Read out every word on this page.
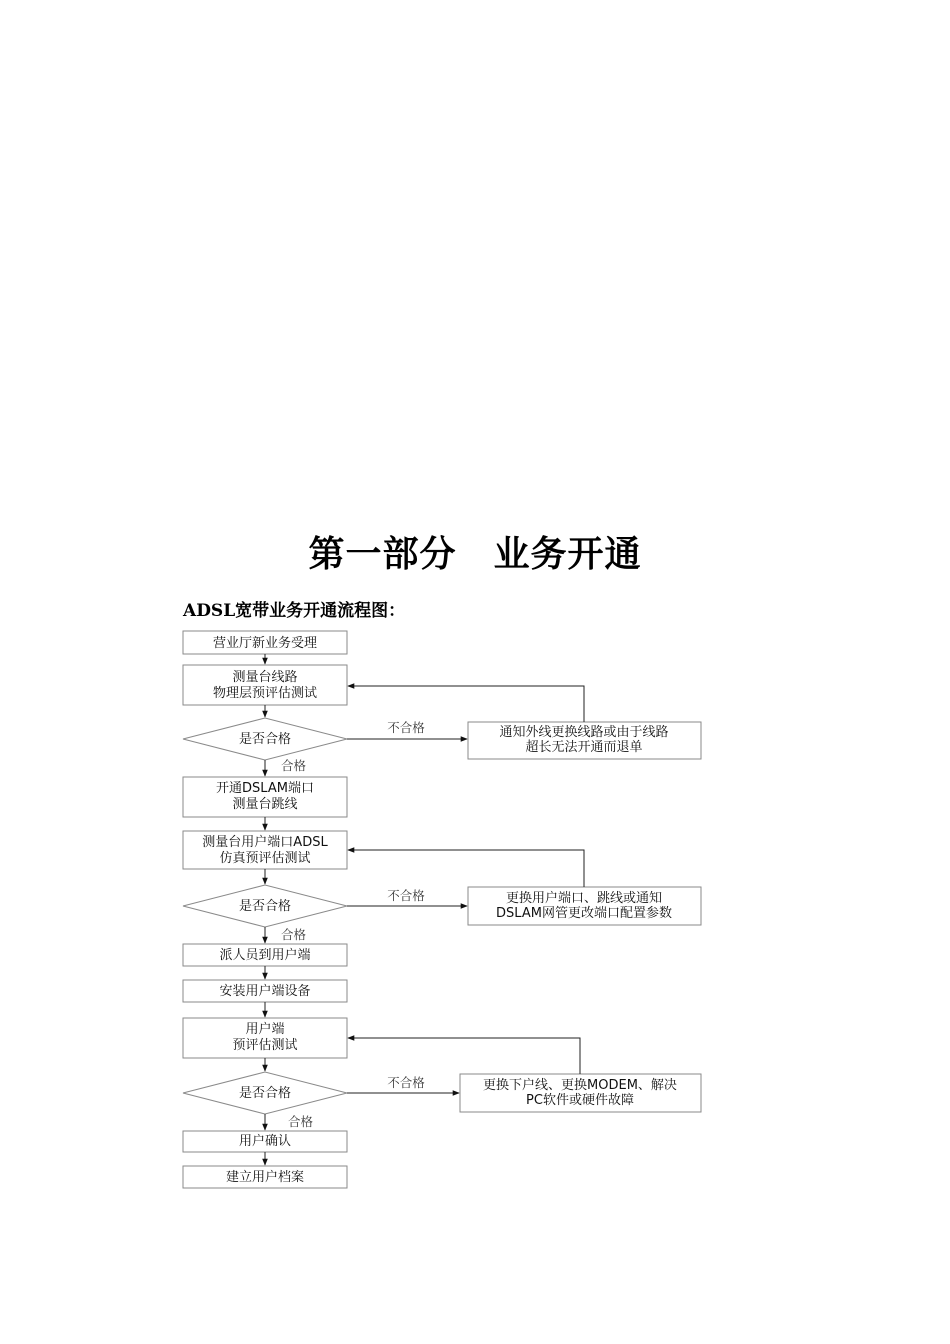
第一部分　业务开通
ADSL宽带业务开通流程图：
营业厅新业务受理
测量台线路
物理层预评估测试
是否合格
不合格	通知外线更换线路或由于线路
超长无法开通而退单
合格
开通DSLAM端口
测量台跳线
测量台用户端口ADSL
仿真预评估测试
是否合格
不合格	更换用户端口、跳线或通知
DSLAM网管更改端口配置参数
合格
派人员到用户端
安装用户端设备
用户端
预评估测试
是否合格
不合格	更换下户线、更换MODEM、解决
PC软件或硬件故障
合格
用户确认
建立用户档案
